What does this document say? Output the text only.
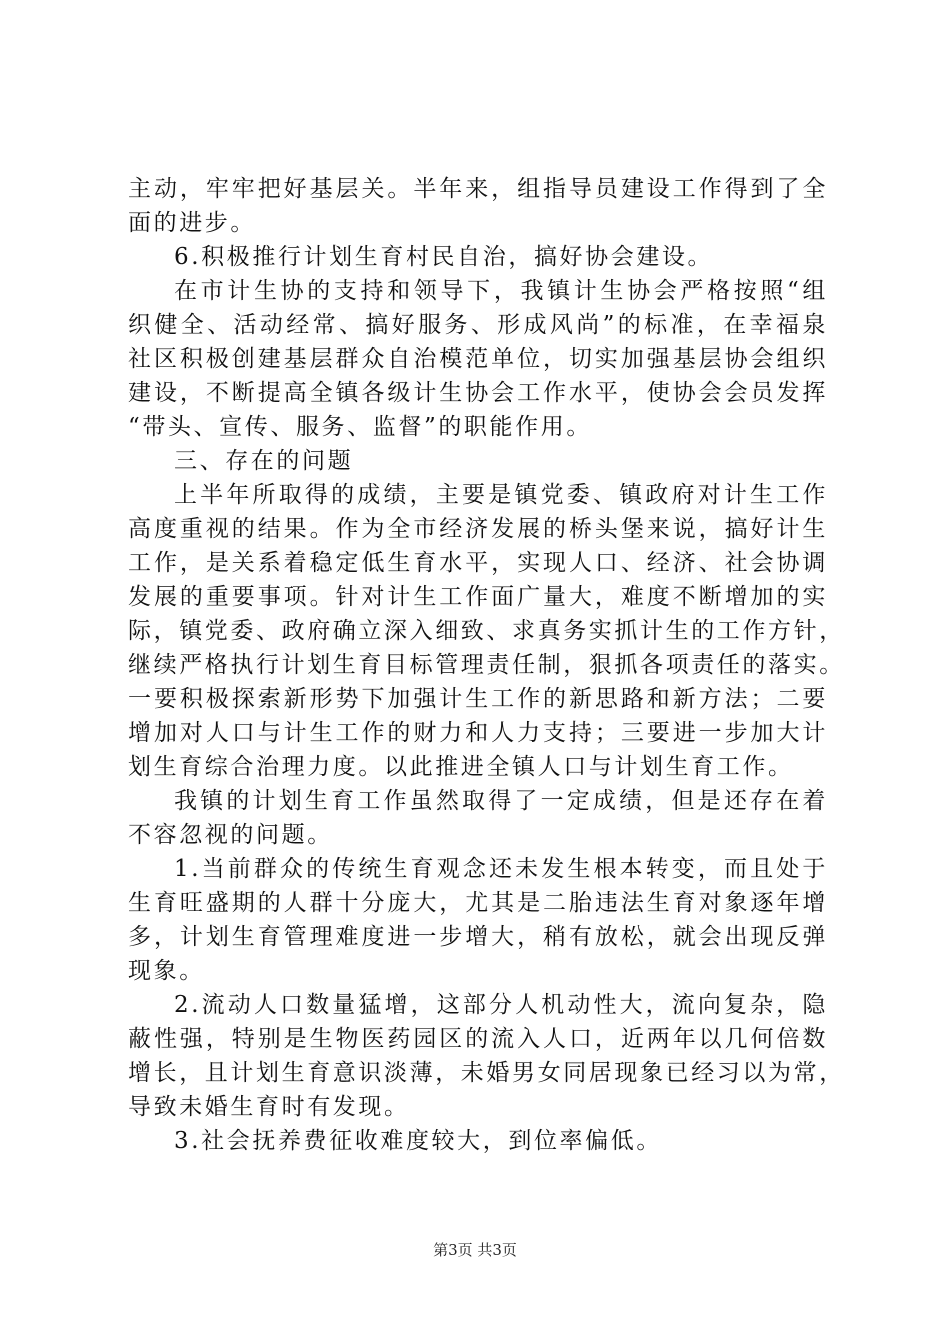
主动，牢牢把好基层关。半年来，组指导员建设工作得到了全
面的进步。
6.积极推行计划生育村民自治，搞好协会建设。
在市计生协的支持和领导下，我镇计生协会严格按照“组
织健全、活动经常、搞好服务、形成风尚”的标准，在幸福泉
社区积极创建基层群众自治模范单位，切实加强基层协会组织
建设，不断提高全镇各级计生协会工作水平，使协会会员发挥
“带头、宣传、服务、监督”的职能作用。
三、存在的问题
上半年所取得的成绩，主要是镇党委、镇政府对计生工作
高度重视的结果。作为全市经济发展的桥头堡来说，搞好计生
工作，是关系着稳定低生育水平，实现人口、经济、社会协调
发展的重要事项。针对计生工作面广量大，难度不断增加的实
际，镇党委、政府确立深入细致、求真务实抓计生的工作方针，
继续严格执行计划生育目标管理责任制，狠抓各项责任的落实。
一要积极探索新形势下加强计生工作的新思路和新方法；二要
增加对人口与计生工作的财力和人力支持；三要进一步加大计
划生育综合治理力度。以此推进全镇人口与计划生育工作。
我镇的计划生育工作虽然取得了一定成绩，但是还存在着
不容忽视的问题。
1.当前群众的传统生育观念还未发生根本转变，而且处于
生育旺盛期的人群十分庞大，尤其是二胎违法生育对象逐年增
多，计划生育管理难度进一步增大，稍有放松，就会出现反弹
现象。
2.流动人口数量猛增，这部分人机动性大，流向复杂，隐
蔽性强，特别是生物医药园区的流入人口，近两年以几何倍数
增长，且计划生育意识淡薄，未婚男女同居现象已经习以为常，
导致未婚生育时有发现。
3.社会抚养费征收难度较大，到位率偏低。
第3页 共3页
